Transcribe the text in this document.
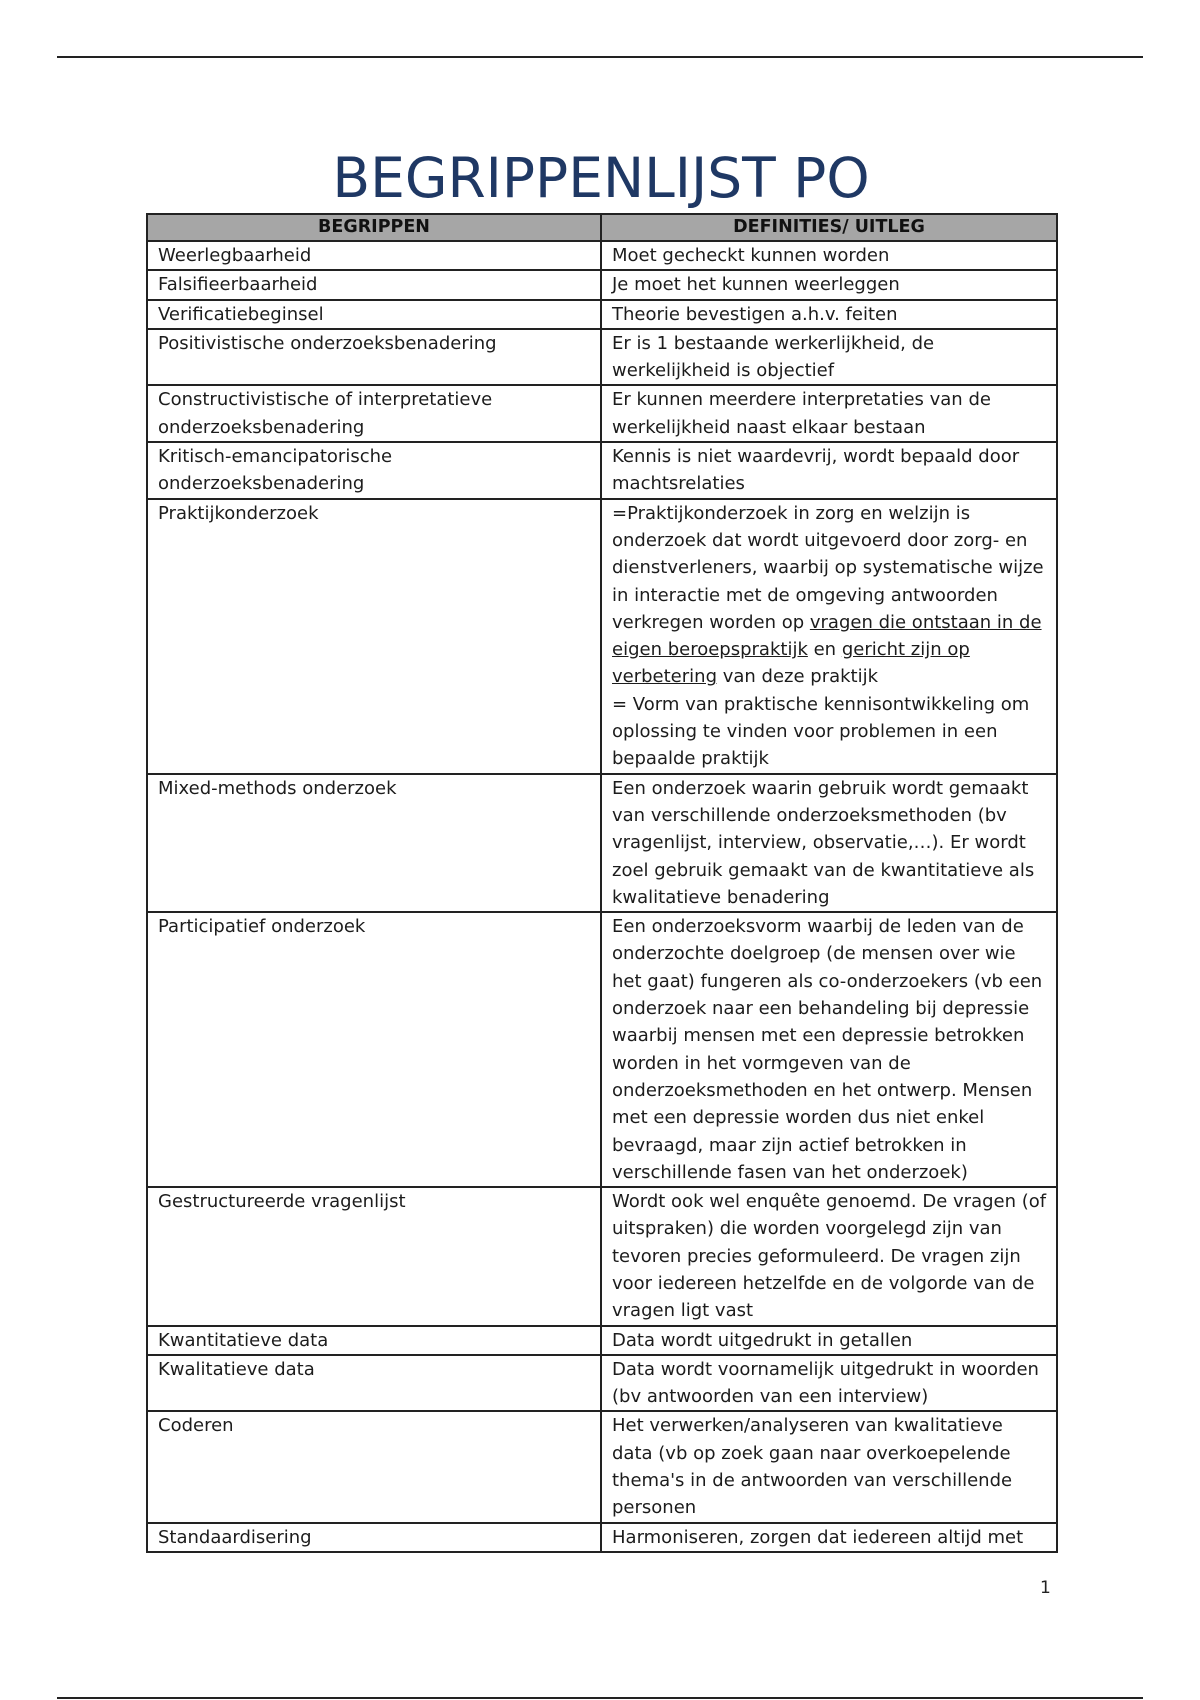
BEGRIPPENLIJST PO
BEGRIPPEN	DEFINITIES/ UITLEG
Weerlegbaarheid	Moet gecheckt kunnen worden
Falsifieerbaarheid	Je moet het kunnen weerleggen
Verificatiebeginsel	Theorie bevestigen a.h.v. feiten
Positivistische onderzoeksbenadering	Er is 1 bestaande werkerlijkheid, de werkelijkheid is objectief
Constructivistische of interpretatieve onderzoeksbenadering	Er kunnen meerdere interpretaties van de werkelijkheid naast elkaar bestaan
Kritisch-emancipatorische onderzoeksbenadering	Kennis is niet waardevrij, wordt bepaald door machtsrelaties
Praktijkonderzoek	=Praktijkonderzoek in zorg en welzijn is onderzoek dat wordt uitgevoerd door zorg- en dienstverleners, waarbij op systematische wijze in interactie met de omgeving antwoorden verkregen worden op vragen die ontstaan in de eigen beroepspraktijk en gericht zijn op verbetering van deze praktijk
= Vorm van praktische kennisontwikkeling om oplossing te vinden voor problemen in een bepaalde praktijk
Mixed-methods onderzoek	Een onderzoek waarin gebruik wordt gemaakt van verschillende onderzoeksmethoden (bv vragenlijst, interview, observatie,…). Er wordt zoel gebruik gemaakt van de kwantitatieve als kwalitatieve benadering
Participatief onderzoek	Een onderzoeksvorm waarbij de leden van de onderzochte doelgroep (de mensen over wie het gaat) fungeren als co-onderzoekers (vb een onderzoek naar een behandeling bij depressie waarbij mensen met een depressie betrokken worden in het vormgeven van de onderzoeksmethoden en het ontwerp. Mensen met een depressie worden dus niet enkel bevraagd, maar zijn actief betrokken in verschillende fasen van het onderzoek)
Gestructureerde vragenlijst	Wordt ook wel enquête genoemd. De vragen (of uitspraken) die worden voorgelegd zijn van tevoren precies geformuleerd. De vragen zijn voor iedereen hetzelfde en de volgorde van de vragen ligt vast
Kwantitatieve data	Data wordt uitgedrukt in getallen
Kwalitatieve data	Data wordt voornamelijk uitgedrukt in woorden (bv antwoorden van een interview)
Coderen	Het verwerken/analyseren van kwalitatieve data (vb op zoek gaan naar overkoepelende thema's in de antwoorden van verschillende personen
Standaardisering	Harmoniseren, zorgen dat iedereen altijd met
1
